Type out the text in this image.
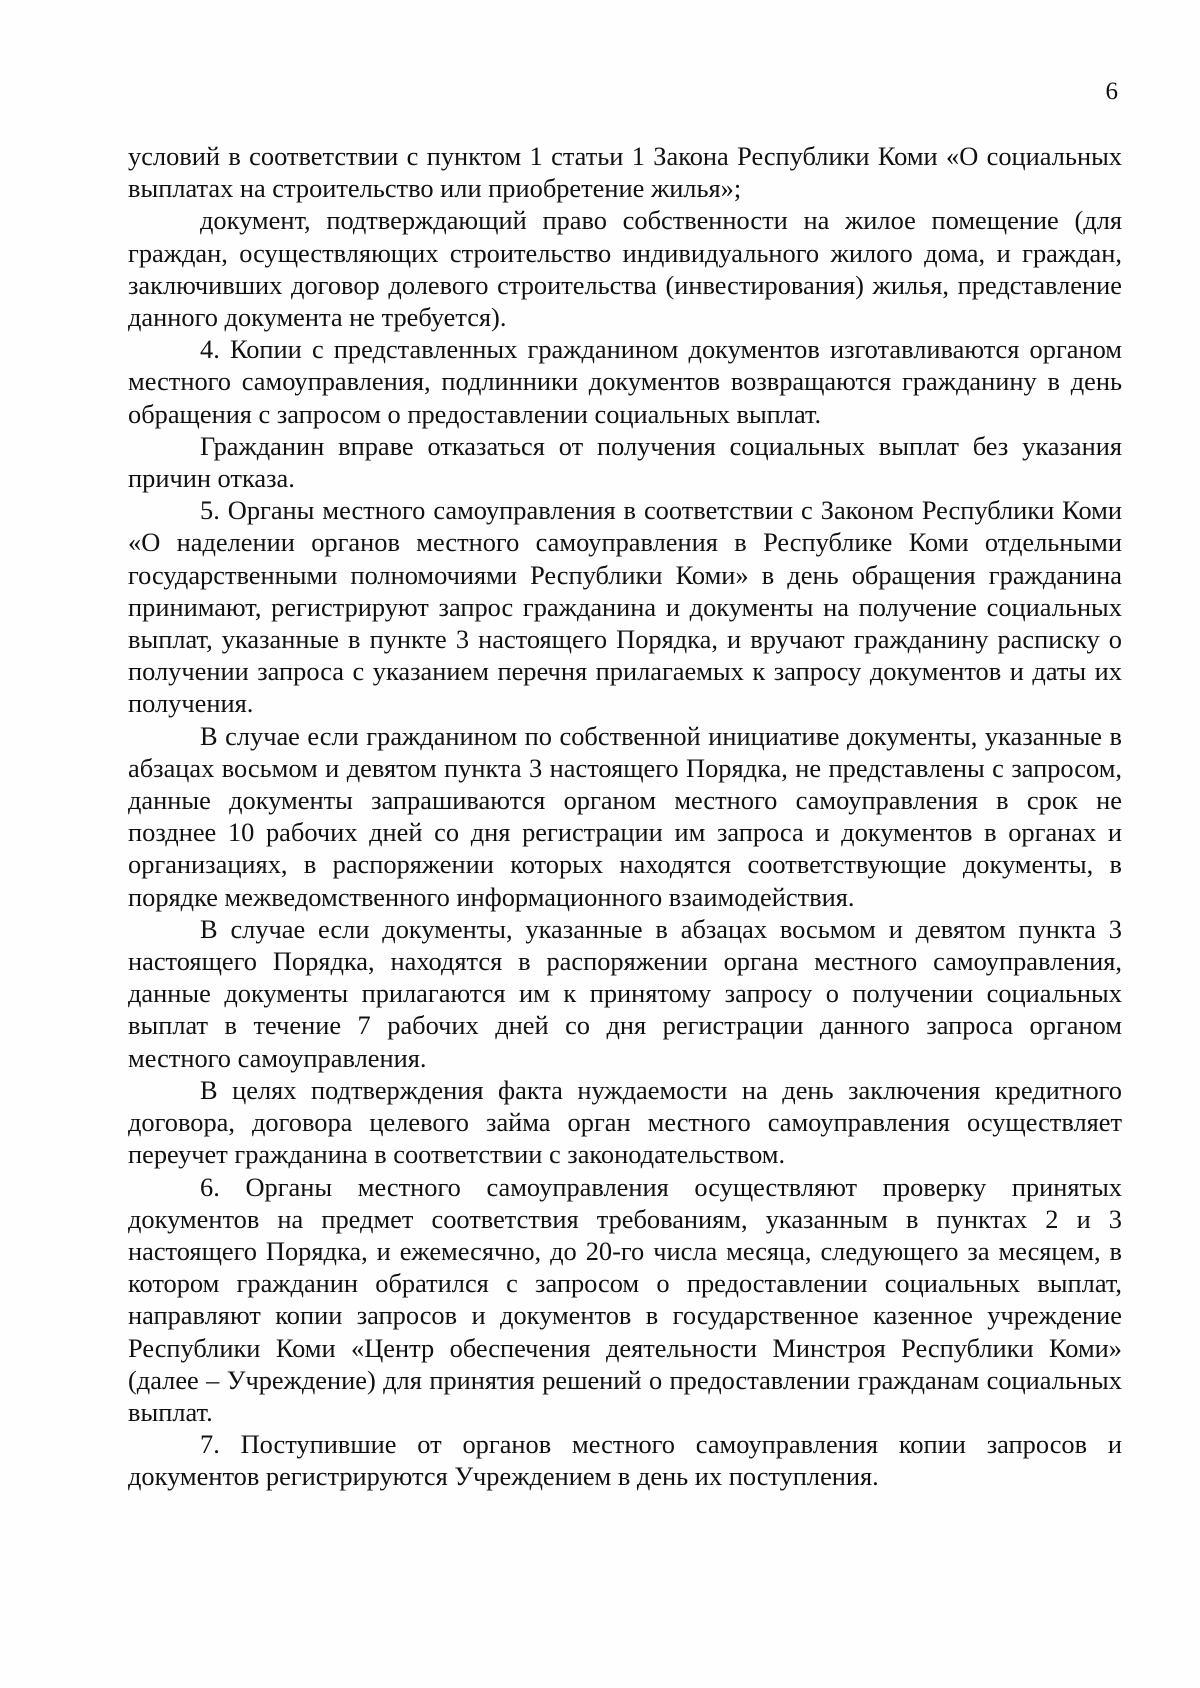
6

условий в соответствии с пунктом 1 статьи 1 Закона Республики Коми «О социальных выплатах на строительство или приобретение жилья»;

документ, подтверждающий право собственности на жилое помещение (для граждан, осуществляющих строительство индивидуального жилого дома, и граждан, заключивших договор долевого строительства (инвестирования) жилья, представление данного документа не требуется).

4. Копии с представленных гражданином документов изготавливаются органом местного самоуправления, подлинники документов возвращаются гражданину в день обращения с запросом о предоставлении социальных выплат.

Гражданин вправе отказаться от получения социальных выплат без указания причин отказа.

5. Органы местного самоуправления в соответствии с Законом Республики Коми «О наделении органов местного самоуправления в Республике Коми отдельными государственными полномочиями Республики Коми» в день обращения гражданина принимают, регистрируют запрос гражданина и документы на получение социальных выплат, указанные в пункте 3 настоящего Порядка, и вручают гражданину расписку о получении запроса с указанием перечня прилагаемых к запросу документов и даты их получения.

В случае если гражданином по собственной инициативе документы, указанные в абзацах восьмом и девятом пункта 3 настоящего Порядка, не представлены с запросом, данные документы запрашиваются органом местного самоуправления в срок не позднее 10 рабочих дней со дня регистрации им запроса и документов в органах и организациях, в распоряжении которых находятся соответствующие документы, в порядке межведомственного информационного взаимодействия.

В случае если документы, указанные в абзацах восьмом и девятом пункта 3 настоящего Порядка, находятся в распоряжении органа местного самоуправления, данные документы прилагаются им к принятому запросу о получении социальных выплат в течение 7 рабочих дней со дня регистрации данного запроса органом местного самоуправления.

В целях подтверждения факта нуждаемости на день заключения кредитного договора, договора целевого займа орган местного самоуправления осуществляет переучет гражданина в соответствии с законодательством.

6. Органы местного самоуправления осуществляют проверку принятых документов на предмет соответствия требованиям, указанным в пунктах 2 и 3 настоящего Порядка, и ежемесячно, до 20-го числа месяца, следующего за месяцем, в котором гражданин обратился с запросом о предоставлении социальных выплат, направляют копии запросов и документов в государственное казенное учреждение Республики Коми «Центр обеспечения деятельности Минстроя Республики Коми» (далее – Учреждение) для принятия решений о предоставлении гражданам социальных выплат.

7. Поступившие от органов местного самоуправления копии запросов и документов регистрируются Учреждением в день их поступления.
